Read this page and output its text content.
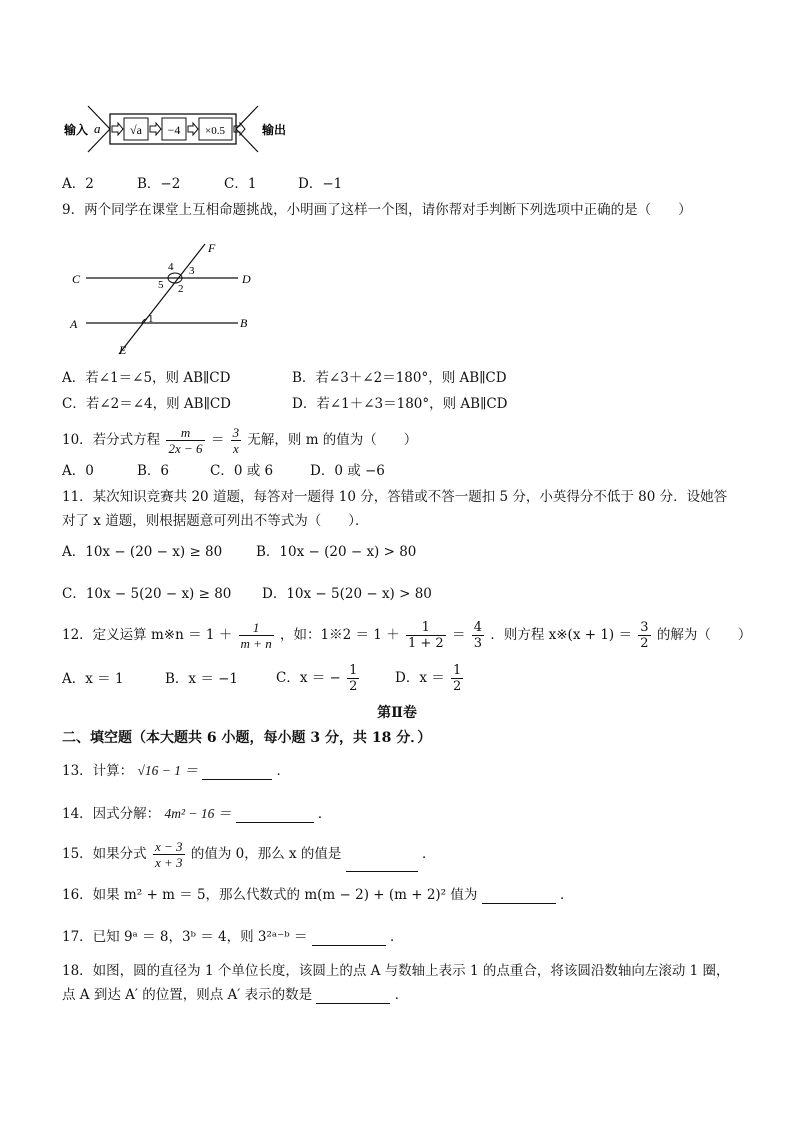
输入 a √a −4 ×0.5	输出
A．2	B．−2	C．1	D．−1
9．两个同学在课堂上互相命题挑战，小明画了这样一个图，请你帮对手判断下列选项中正确的是（　　）
F
C	D
A	B
E
4 3
5 2
1
A．若∠1＝∠5，则 AB∥CD	B．若∠3＋∠2＝180°，则 AB∥CD
C．若∠2＝∠4，则 AB∥CD	D．若∠1＋∠3＝180°，则 AB∥CD
10．若分式方程 $\frac{m}{2x - 6} = \frac{3}{x}$ 无解，则 m 的值为（　　）
A．0	B．6	C．0 或 6	D．0 或 −6
11．某次知识竞赛共 20 道题，每答对一题得 10 分，答错或不答一题扣 5 分，小英得分不低于 80 分．设她答
对了 x 道题，则根据题意可列出不等式为（　　）．
A．10x − (20 − x) ≥ 80	B．10x − (20 − x) > 80
C．10x − 5(20 − x) ≥ 80 D．10x − 5(20 − x) > 80
12．定义运算 m※n ＝ $1 + \frac{1}{m + n}$ ，如：1※2 ＝ $1 + \frac{1}{1 + 2} = \frac{4}{3}$ ．则方程 x※(x + $1) = \frac{3}{2}$ 的解为（　　）
A．x ＝ 1	B．x ＝ −1	C．x ＝ − $\frac{1}{2}$	D．$x = \frac{1}{2}$
第Ⅱ卷
二、填空题（本大题共 6 小题，每小题 3 分，共 18 分．）
13．计算： √16 − 1 ＝	．
14．因式分解： 4m² − 16 ＝	．
15．如果分式 $\frac{x - 3}{x + 3}$ 的值为 0，那么 x 的值是	．
16．如果 m² + m ＝ 5，那么代数式的 m(m − 2) + (m + 2)² 值为	．
17．已知 9ᵃ ＝ 8，3ᵇ ＝ 4，则 3²ᵃ⁻ᵇ ＝	．
18．如图，圆的直径为 1 个单位长度，该圆上的点 A 与数轴上表示 1 的点重合，将该圆沿数轴向左滚动 1 圈，
点 A 到达 A′ 的位置，则点 A′ 表示的数是	．
